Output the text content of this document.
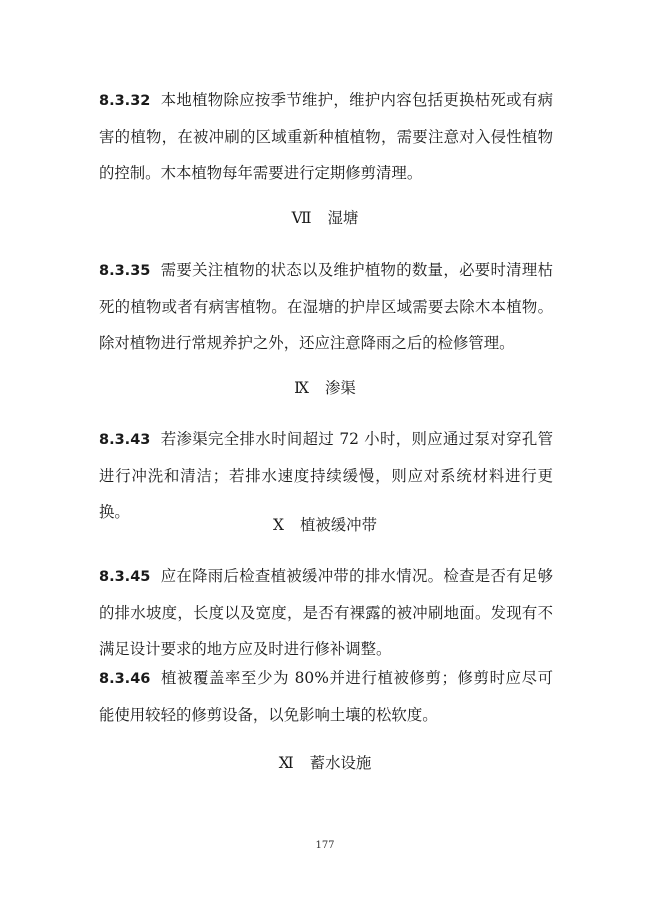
8.3.32 本地植物除应按季节维护，维护内容包括更换枯死或有病害的植物，在被冲刷的区域重新种植植物，需要注意对入侵性植物的控制。木本植物每年需要进行定期修剪清理。
Ⅶ 湿塘
8.3.35 需要关注植物的状态以及维护植物的数量，必要时清理枯死的植物或者有病害植物。在湿塘的护岸区域需要去除木本植物。除对植物进行常规养护之外，还应注意降雨之后的检修管理。
Ⅸ 渗渠
8.3.43 若渗渠完全排水时间超过 72 小时，则应通过泵对穿孔管进行冲洗和清洁；若排水速度持续缓慢，则应对系统材料进行更换。
Ⅹ 植被缓冲带
8.3.45 应在降雨后检查植被缓冲带的排水情况。检查是否有足够的排水坡度，长度以及宽度，是否有裸露的被冲刷地面。发现有不满足设计要求的地方应及时进行修补调整。
8.3.46 植被覆盖率至少为 80%并进行植被修剪；修剪时应尽可能使用较轻的修剪设备，以免影响土壤的松软度。
Ⅺ 蓄水设施
177
